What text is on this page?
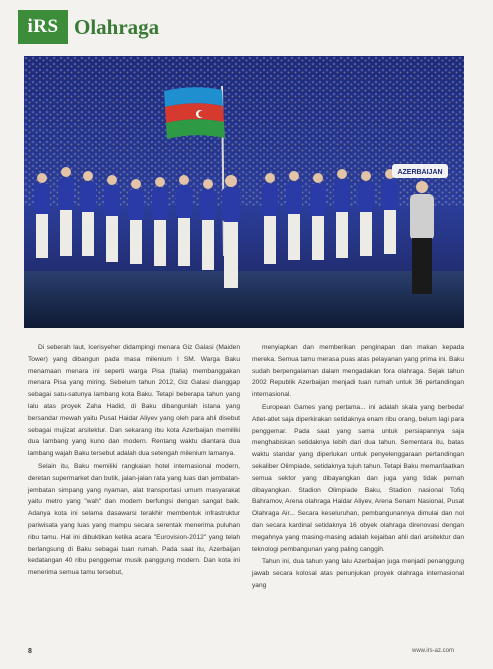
iRS Olahraga
AZERBAIJAN

Di seberah laut, Icerisyeher didampingi menara Giz Galasi (Maiden Tower) yang dibangun pada masa milenium I SM. Warga Baku menamaan menara ini seperti warga Pisa (Italia) membanggakan menara Pisa yang miring. Sebelum tahun 2012, Giz Galasi dianggap sebagai satu-satunya lambang kota Baku. Tetapi beberapa tahun yang lalu atas proyek Zaha Hadid, di Baku dibangunlah istana yang bersandar mewah yaitu Pusat Haidar Aliyev yang oleh para ahli disebut sebagai mujizat arsitektur. Dan sekarang ibu kota Azerbaijan memiliki dua lambang yang kuno dan modern. Rentang waktu diantara dua lambang wajah Baku tersebut adalah dua setengah milenium lamanya.

Selain itu, Baku memiliki rangkaian hotel internasional modern, deretan supermarket dan butik, jalan-jalan rata yang luas dan jembatan-jembatan simpang yang nyaman, alat transportasi umum masyarakat yaitu metro yang "wah" dan modern berfungsi dengan sangat baik. Adanya kota ini selama dasawarsi terakhir membentuk infrastruktur pariwisata yang luas yang mampu secara serentak menerima puluhan ribu tamu. Hal ini dibuktikan ketika acara "Eurovision-2012" yang telah berlangsung di Baku sebagai tuan rumah. Pada saat itu, Azerbaijan kedatangan 40 ribu penggemar musik panggung modern. Dan kota ini menerima semua tamu tersebut,

menyiapkan dan memberikan penginapan dan makan kepada mereka. Semua tamu merasa puas atas pelayanan yang prima ini. Baku sudah berpengalaman dalam mengadakan fora olahraga. Sejak tahun 2002 Republik Azerbaijan menjadi tuan rumah untuk 36 pertandingan internasional.

European Games yang pertama... ini adalah skala yang berbeda! Atlet-atlet saja diperkirakan setidaknya enam ribu orang, belum lagi para penggemar. Pada saat yang sama untuk persiapannya saja menghabiskan setidaknya lebih dari dua tahun. Sementara itu, batas waktu standar yang diperlukan untuk penyelenggaraan pertandingan sekaliber Olimpiade, setidaknya tujuh tahun. Tetapi Baku memanfaatkan semua sektor yang dibayangkan dan juga yang tidak pernah dibayangkan. Stadion Olimpiade Baku, Stadion nasional Tofiq Bahramov, Arena olahraga Haidar Aliyev, Arena Senam Nasional, Pusat Olahraga Air... Secara keseluruhan, pembangunannya dimulai dan nol dan secara kardinal setidaknya 16 obyek olahraga direnovasi dengan megahnya yang masing-masing adalah kejaiban ahli dari arsitektur dan teknologi pembangunan yang paling canggih.

Tahun ini, dua tahun yang lalu Azerbaijan juga menjadi penanggung jawab secara kolosal atas penunjukan proyek olahraga internasional yang

8	www.irs-az.com
